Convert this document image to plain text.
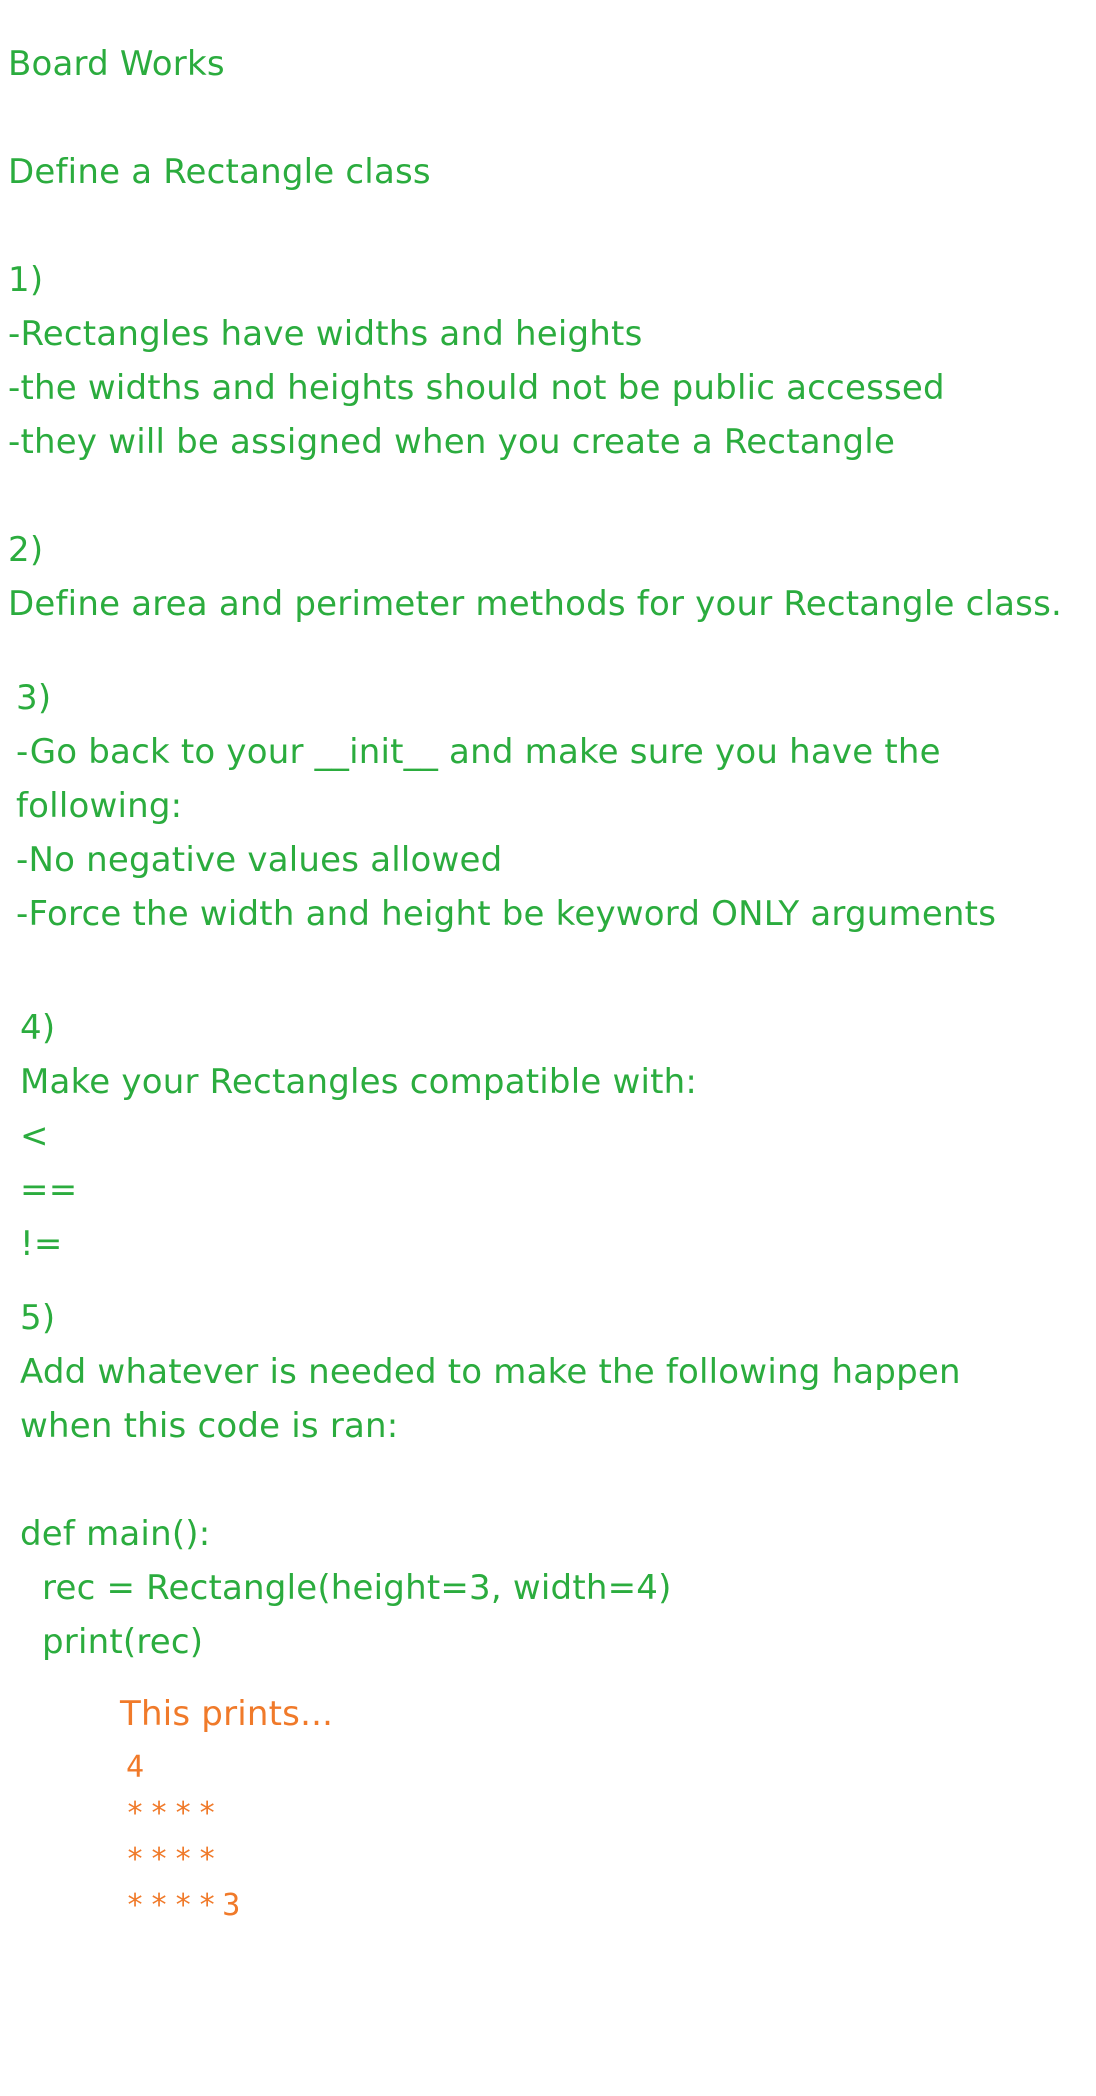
Board Works
Define a Rectangle class
1)
-Rectangles have widths and heights
-the widths and heights should not be public accessed
-they will be assigned when you create a Rectangle
2)
Define area and perimeter methods for your Rectangle class.
3)
-Go back to your __init__ and make sure you have the
following:
-No negative values allowed
-Force the width and height be keyword ONLY arguments
4)
Make your Rectangles compatible with:
<
==
!=
5)
Add whatever is needed to make the following happen
when this code is ran:
def main():
rec = Rectangle(height=3, width=4)
print(rec)
This prints...
4
****
****
****3
